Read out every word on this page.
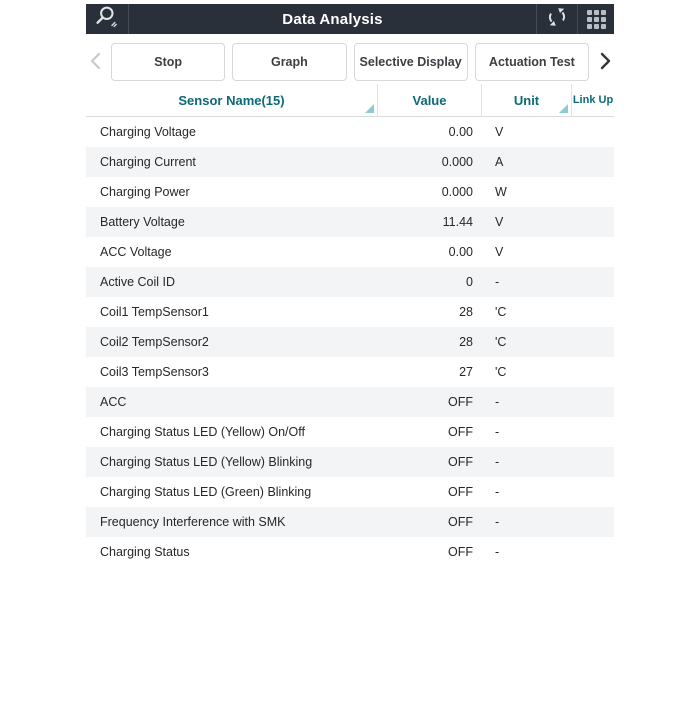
Data Analysis
Stop	Graph	Selective Display	Actuation Test
Sensor Name(15)	Value	Unit	Link Up
Charging Voltage	0.00	V
Charging Current	0.000	A
Charging Power	0.000	W
Battery Voltage	11.44	V
ACC Voltage	0.00	V
Active Coil ID	0	-
Coil1 TempSensor1	28	'C
Coil2 TempSensor2	28	'C
Coil3 TempSensor3	27	'C
ACC	OFF	-
Charging Status LED (Yellow) On/Off	OFF	-
Charging Status LED (Yellow) Blinking	OFF	-
Charging Status LED (Green) Blinking	OFF	-
Frequency Interference with SMK	OFF	-
Charging Status	OFF	-
